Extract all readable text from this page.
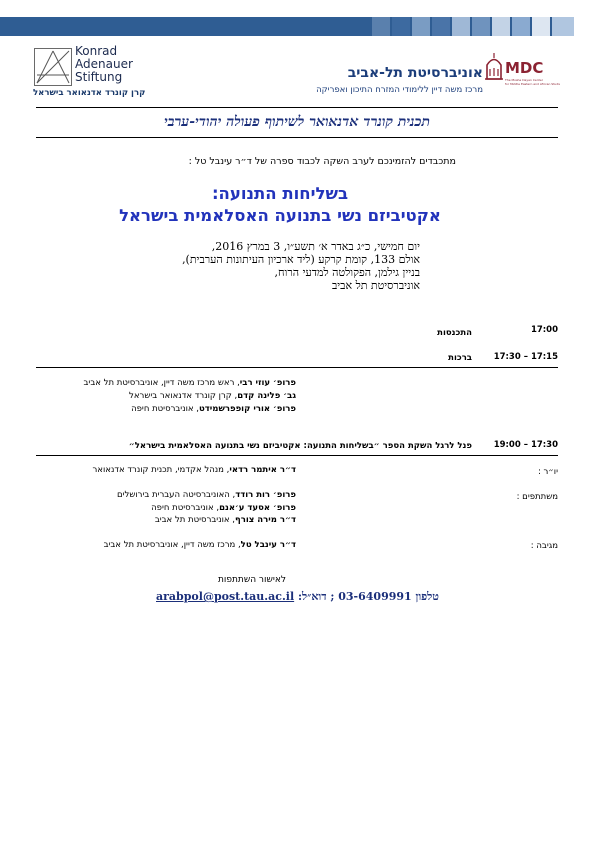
Konrad
Adenauer
Stiftung
קרן קונרד אדנאואר בישראל
אוניברסיטת תל-אביב
מרכז משה דיין ללימודי המזרח התיכון ואפריקה
MDC
The Moshe Dayan Center
for Middle Eastern and African Studies
תכנית קונרד אדנאואר לשיתוף פעולה יהודי-ערבי
מתכבדים להזמינכם לערב השקה לכבוד ספרה של ד״ר עינבל טל :
בשליחות התנועה:
אקטיביזם נשי בתנועה האסלאמית בישראל
יום חמישי, כ״ג באדר א׳ תשע״ו, 3 במרץ 2016,
אולם 133, קומת קרקע (ליד ארכיון העיתונות הערבית),
בניין גילמן, הפקולטה למדעי הרוח,
אוניברסיטת תל אביב
17:00
התכנסות
17:15 – 17:30
ברכות
פרופ׳ עוזי רבי, ראש מרכז משה דיין, אוניברסיטת תל אביב
גב׳ פלינה קדם, קרן קונרד אדנאואר בישראל
פרופ׳ אורי קופפרשמידט, אוניברסיטת חיפה
17:30 – 19:00
פנל לרגל השקת הספר ״בשליחות התנועה: אקטיביזם נשי בתנועה האסלאמית בישראל״
יו״ר :
ד״ר איתמר רדאי, מנהל אקדמי, תכנית קונרד אדנאואר
משתתפים :
פרופ׳ רות רודד, האוניברסיטה העברית בירושלים
פרופ׳ אסעד ע׳אנם, אוניברסיטת חיפה
ד״ר מירה צורף, אוניברסיטת תל אביב
מגיבה :
ד״ר עינבל טל, מרכז משה דיין, אוניברסיטת תל אביב
לאישור השתתפות
טלפון 03-6409991 ; דוא״ל: arabpol@post.tau.ac.il
